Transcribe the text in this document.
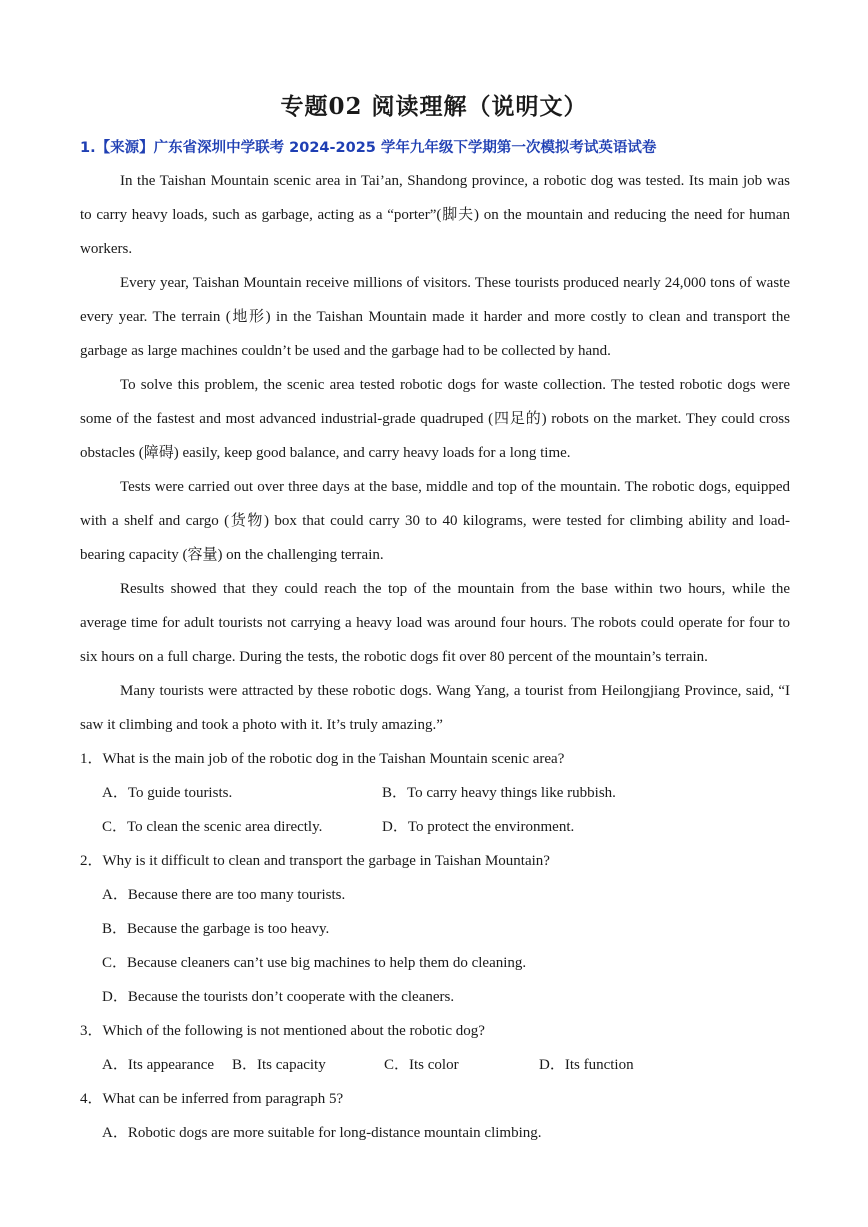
专题02 阅读理解（说明文）
1.【来源】广东省深圳中学联考 2024-2025 学年九年级下学期第一次模拟考试英语试卷

In the Taishan Mountain scenic area in Tai’an, Shandong province, a robotic dog was tested. Its main job was to carry heavy loads, such as garbage, acting as a “porter”(脚夫) on the mountain and reducing the need for human workers.

Every year, Taishan Mountain receive millions of visitors. These tourists produced nearly 24,000 tons of waste every year. The terrain (地形) in the Taishan Mountain made it harder and more costly to clean and transport the garbage as large machines couldn’t be used and the garbage had to be collected by hand.

To solve this problem, the scenic area tested robotic dogs for waste collection. The tested robotic dogs were some of the fastest and most advanced industrial-grade quadruped (四足的) robots on the market. They could cross obstacles (障碍) easily, keep good balance, and carry heavy loads for a long time.

Tests were carried out over three days at the base, middle and top of the mountain. The robotic dogs, equipped with a shelf and cargo (货物) box that could carry 30 to 40 kilograms, were tested for climbing ability and load-bearing capacity (容量) on the challenging terrain.

Results showed that they could reach the top of the mountain from the base within two hours, while the average time for adult tourists not carrying a heavy load was around four hours. The robots could operate for four to six hours on a full charge. During the tests, the robotic dogs fit over 80 percent of the mountain’s terrain.

Many tourists were attracted by these robotic dogs. Wang Yang, a tourist from Heilongjiang Province, said, “I saw it climbing and took a photo with it. It’s truly amazing.”

1．What is the main job of the robotic dog in the Taishan Mountain scenic area?

A．To guide tourists.	B．To carry heavy things like rubbish.
C．To clean the scenic area directly.	D．To protect the environment.

2．Why is it difficult to clean and transport the garbage in Taishan Mountain?

A．Because there are too many tourists.

B．Because the garbage is too heavy.

C．Because cleaners can’t use big machines to help them do cleaning.

D．Because the tourists don’t cooperate with the cleaners.

3．Which of the following is not mentioned about the robotic dog?

A．Its appearance	B．Its capacity	C．Its color	D．Its function

4．What can be inferred from paragraph 5?

A．Robotic dogs are more suitable for long-distance mountain climbing.
